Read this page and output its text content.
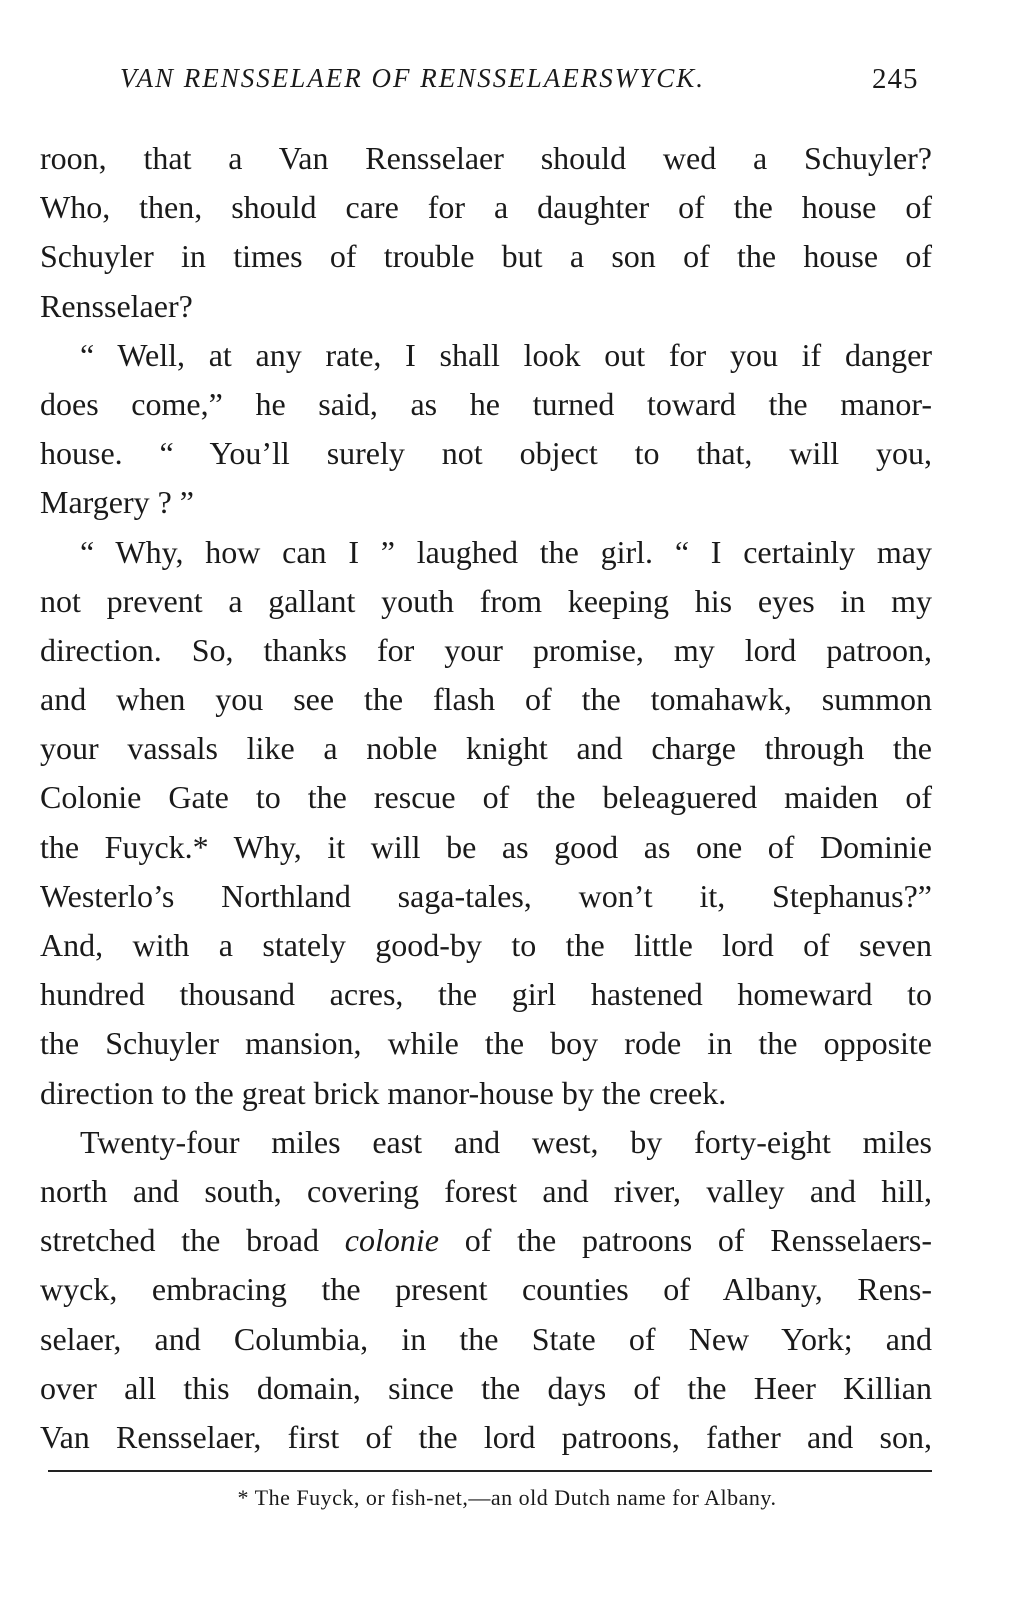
VAN RENSSELAER OF RENSSELAERSWYCK.	245
roon, that a Van Rensselaer should wed a Schuyler?
Who, then, should care for a daughter of the house of
Schuyler in times of trouble but a son of the house of
Rensselaer?
“ Well, at any rate, I shall look out for you if danger
does come,” he said, as he turned toward the manor-
house. “ You’ll surely not object to that, will you,
Margery ? ”
“ Why, how can I ” laughed the girl. “ I certainly may
not prevent a gallant youth from keeping his eyes in my
direction. So, thanks for your promise, my lord patroon,
and when you see the flash of the tomahawk, summon
your vassals like a noble knight and charge through the
Colonie Gate to the rescue of the beleaguered maiden of
the Fuyck.* Why, it will be as good as one of Dominie
Westerlo’s Northland saga-tales, won’t it, Stephanus?”
And, with a stately good-by to the little lord of seven
hundred thousand acres, the girl hastened homeward to
the Schuyler mansion, while the boy rode in the opposite
direction to the great brick manor-house by the creek.
Twenty-four miles east and west, by forty-eight miles
north and south, covering forest and river, valley and hill,
stretched the broad colonie of the patroons of Rensselaers-
wyck, embracing the present counties of Albany, Rens-
selaer, and Columbia, in the State of New York; and
over all this domain, since the days of the Heer Killian
Van Rensselaer, first of the lord patroons, father and son,
* The Fuyck, or fish-net,—an old Dutch name for Albany.
